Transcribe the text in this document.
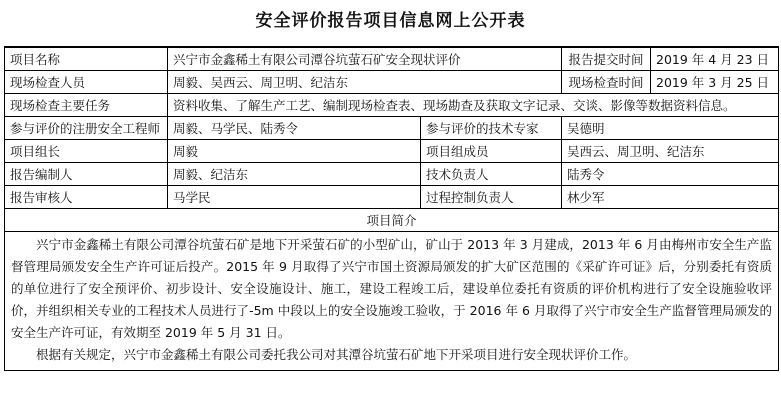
安全评价报告项目信息网上公开表
项目名称	兴宁市金鑫稀土有限公司潭谷坑萤石矿安全现状评价		报告提交时间	2019 年 4 月 23 日
现场检查人员	周毅、吴西云、周卫明、纪洁东		现场检查时间	2019 年 3 月 25 日
现场检查主要任务	资料收集、了解生产工艺、编制现场检查表、现场勘查及获取文字记录、交谈、影像等数据资料信息。			
参与评价的注册安全工程师	周毅、马学民、陆秀令	参与评价的技术专家	吴德明	
项目组长	周毅	项目组成员	吴西云、周卫明、纪洁东	
报告编制人	周毅、纪洁东	技术负责人	陆秀令	
报告审核人	马学民	过程控制负责人	林少军	
项目简介				

兴宁市金鑫稀土有限公司潭谷坑萤石矿是地下开采萤石矿的小型矿山，矿山于 2013 年 3 月建成，2013 年 6 月由梅州市安全生产监督管理局颁发安全生产许可证后投产。2015 年 9 月取得了兴宁市国土资源局颁发的扩大矿区范围的《采矿许可证》后，分别委托有资质的单位进行了安全预评价、初步设计、安全设施设计、施工，建设工程竣工后，建设单位委托有资质的评价机构进行了安全设施验收评价，并组织相关专业的工程技术人员进行了-5m 中段以上的安全设施竣工验收，于 2016 年 6 月取得了兴宁市安全生产监督管理局颁发的安全生产许可证，有效期至 2019 年 5 月 31 日。

根据有关规定，兴宁市金鑫稀土有限公司委托我公司对其潭谷坑萤石矿地下开采项目进行安全现状评价工作。				
